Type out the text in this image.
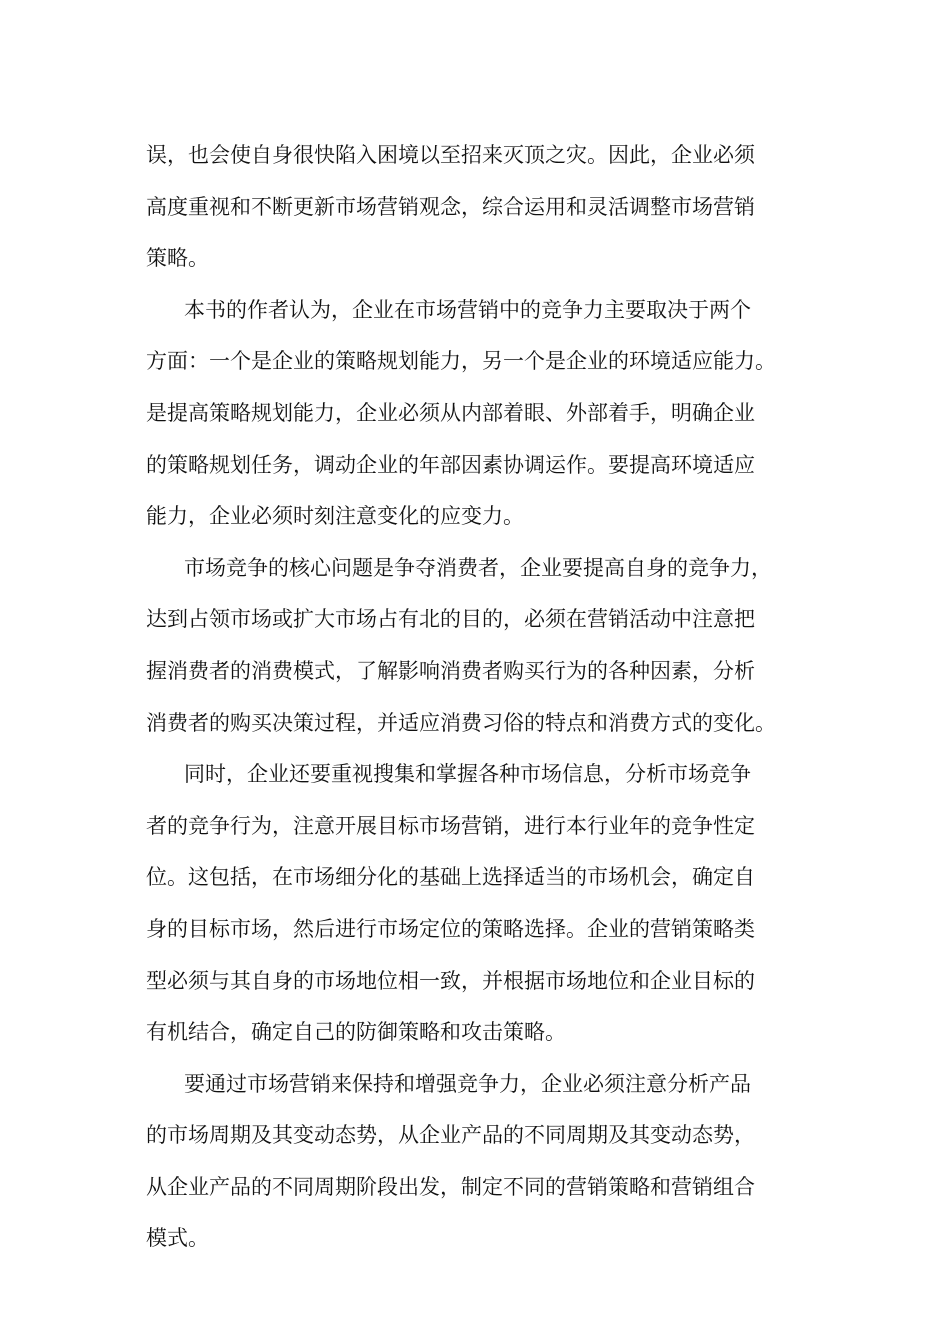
误，也会使自身很快陷入困境以至招来灭顶之灾。因此，企业必须
高度重视和不断更新市场营销观念，综合运用和灵活调整市场营销
策略。
本书的作者认为，企业在市场营销中的竞争力主要取决于两个
方面：一个是企业的策略规划能力，另一个是企业的环境适应能力。
是提高策略规划能力，企业必须从内部着眼、外部着手，明确企业
的策略规划任务，调动企业的年部因素协调运作。要提高环境适应
能力，企业必须时刻注意变化的应变力。
市场竞争的核心问题是争夺消费者，企业要提高自身的竞争力，
达到占领市场或扩大市场占有北的目的，必须在营销活动中注意把
握消费者的消费模式，了解影响消费者购买行为的各种因素，分析
消费者的购买决策过程，并适应消费习俗的特点和消费方式的变化。
同时，企业还要重视搜集和掌握各种市场信息，分析市场竞争
者的竞争行为，注意开展目标市场营销，进行本行业年的竞争性定
位。这包括，在市场细分化的基础上选择适当的市场机会，确定自
身的目标市场，然后进行市场定位的策略选择。企业的营销策略类
型必须与其自身的市场地位相一致，并根据市场地位和企业目标的
有机结合，确定自己的防御策略和攻击策略。
要通过市场营销来保持和增强竞争力，企业必须注意分析产品
的市场周期及其变动态势，从企业产品的不同周期及其变动态势，
从企业产品的不同周期阶段出发，制定不同的营销策略和营销组合
模式。
